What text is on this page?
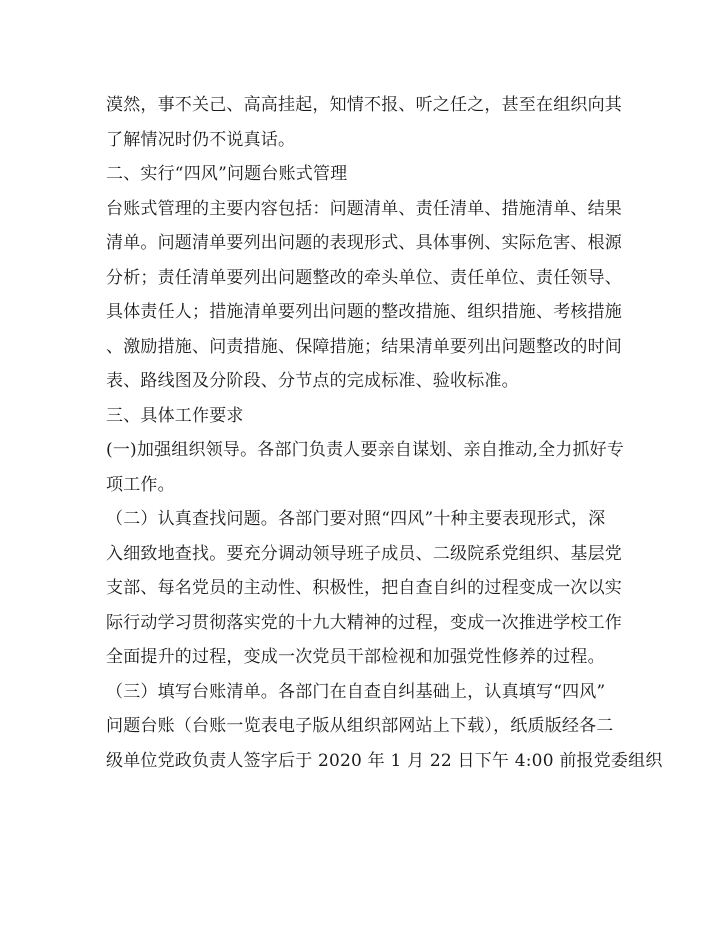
漠然，事不关己、高高挂起，知情不报、听之任之，甚至在组织向其
了解情况时仍不说真话。
二、实行“四风”问题台账式管理
台账式管理的主要内容包括：问题清单、责任清单、措施清单、结果
清单。问题清单要列出问题的表现形式、具体事例、实际危害、根源
分析；责任清单要列出问题整改的牵头单位、责任单位、责任领导、
具体责任人；措施清单要列出问题的整改措施、组织措施、考核措施
、激励措施、问责措施、保障措施；结果清单要列出问题整改的时间
表、路线图及分阶段、分节点的完成标准、验收标准。
三、具体工作要求
(一)加强组织领导。各部门负责人要亲自谋划、亲自推动,全力抓好专
项工作。
（二）认真查找问题。各部门要对照“四风”十种主要表现形式，深
入细致地查找。要充分调动领导班子成员、二级院系党组织、基层党
支部、每名党员的主动性、积极性，把自查自纠的过程变成一次以实
际行动学习贯彻落实党的十九大精神的过程，变成一次推进学校工作
全面提升的过程，变成一次党员干部检视和加强党性修养的过程。
（三）填写台账清单。各部门在自查自纠基础上，认真填写“四风”
问题台账（台账一览表电子版从组织部网站上下载），纸质版经各二
级单位党政负责人签字后于 2020 年 1 月 22 日下午 4:00 前报党委组织
